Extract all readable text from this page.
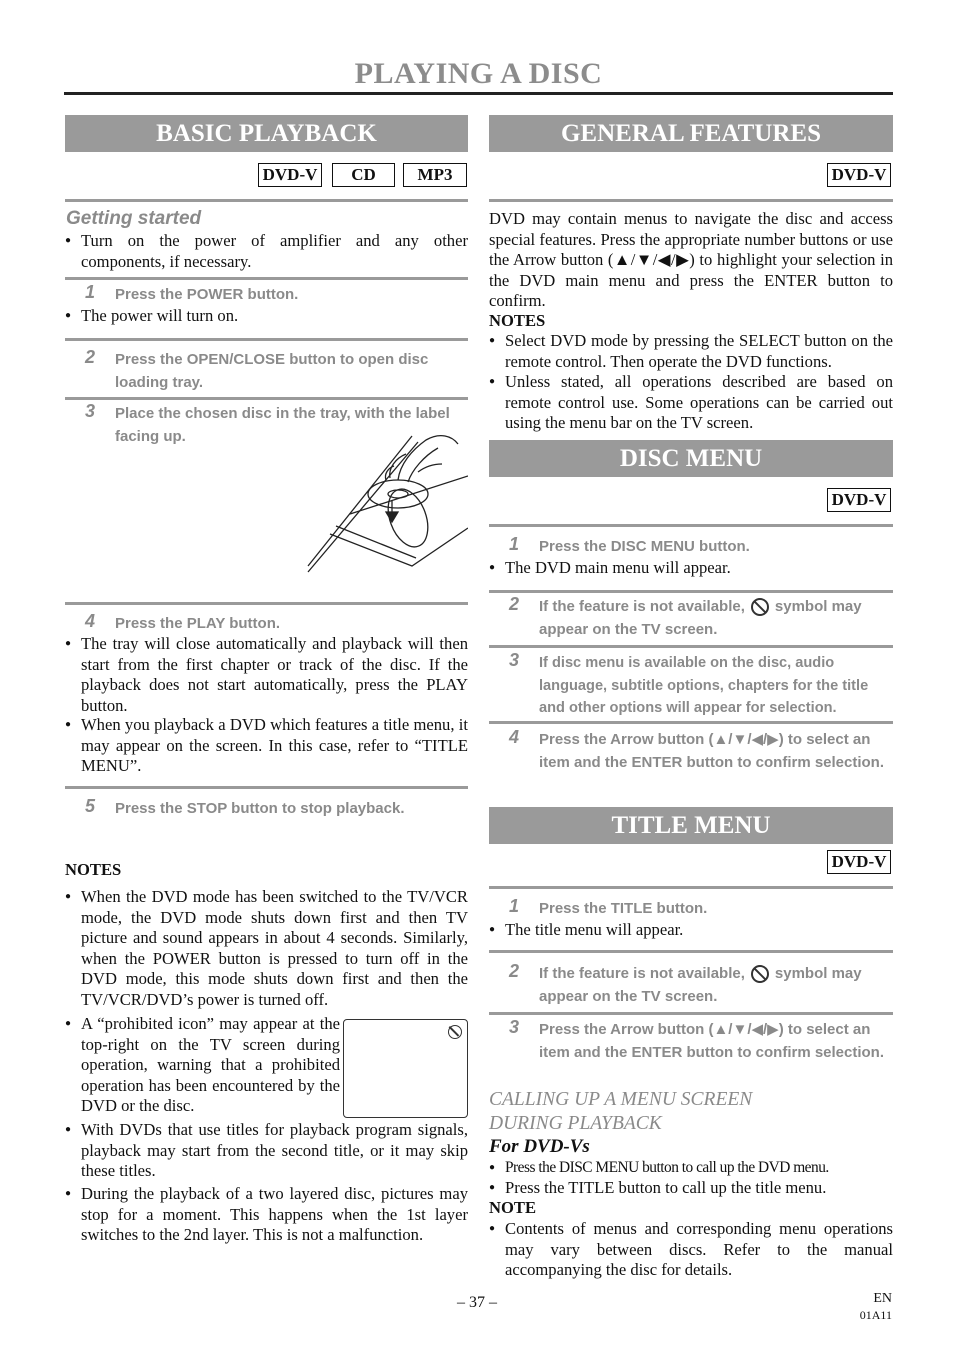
PLAYING A DISC
BASIC PLAYBACK
DVD-V	CD	MP3
Getting started
● Turn on the power of amplifier and any other components, if necessary.
1 Press the POWER button.
● The power will turn on.
2 Press the OPEN/CLOSE button to open disc loading tray.
3 Place the chosen disc in the tray, with the label facing up.
4 Press the PLAY button.
● The tray will close automatically and playback will then start from the first chapter or track of the disc. If the playback does not start automatically, press the PLAY button.
● When you playback a DVD which features a title menu, it may appear on the screen. In this case, refer to “TITLE MENU”.
5 Press the STOP button to stop playback.
NOTES
● When the DVD mode has been switched to the TV/VCR mode, the DVD mode shuts down first and then TV picture and sound appears in about 4 seconds. Similarly, when the POWER button is pressed to turn off in the DVD mode, this mode shuts down first and then the TV/VCR/DVD’s power is turned off.
● A “prohibited icon” may appear at the top-right on the TV screen during operation, warning that a prohibited operation has been encountered by the DVD or the disc.
● With DVDs that use titles for playback program signals, playback may start from the second title, or it may skip these titles.
● During the playback of a two layered disc, pictures may stop for a moment. This happens when the 1st layer switches to the 2nd layer. This is not a malfunction.
GENERAL FEATURES
DVD-V
DVD may contain menus to navigate the disc and access special features. Press the appropriate number buttons or use the Arrow button (▲/▼/◀/▶) to highlight your selection in the DVD main menu and press the ENTER button to confirm.
NOTES
● Select DVD mode by pressing the SELECT button on the remote control. Then operate the DVD functions.
● Unless stated, all operations described are based on remote control use. Some operations can be carried out using the menu bar on the TV screen.
DISC MENU
DVD-V
1 Press the DISC MENU button.
● The DVD main menu will appear.
2 If the feature is not available, symbol may appear on the TV screen.
3 If disc menu is available on the disc, audio language, subtitle options, chapters for the title and other options will appear for selection.
4 Press the Arrow button (▲/▼/◀/▶) to select an item and the ENTER button to confirm selection.
TITLE MENU
DVD-V
1 Press the TITLE button.
● The title menu will appear.
2 If the feature is not available, symbol may appear on the TV screen.
3 Press the Arrow button (▲/▼/◀/▶) to select an item and the ENTER button to confirm selection.
CALLING UP A MENU SCREEN DURING PLAYBACK
For DVD-Vs
● Press the DISC MENU button to call up the DVD menu.
● Press the TITLE button to call up the title menu.
NOTE
● Contents of menus and corresponding menu operations may vary between discs. Refer to the manual accompanying the disc for details.
– 37 –	EN
01A11
